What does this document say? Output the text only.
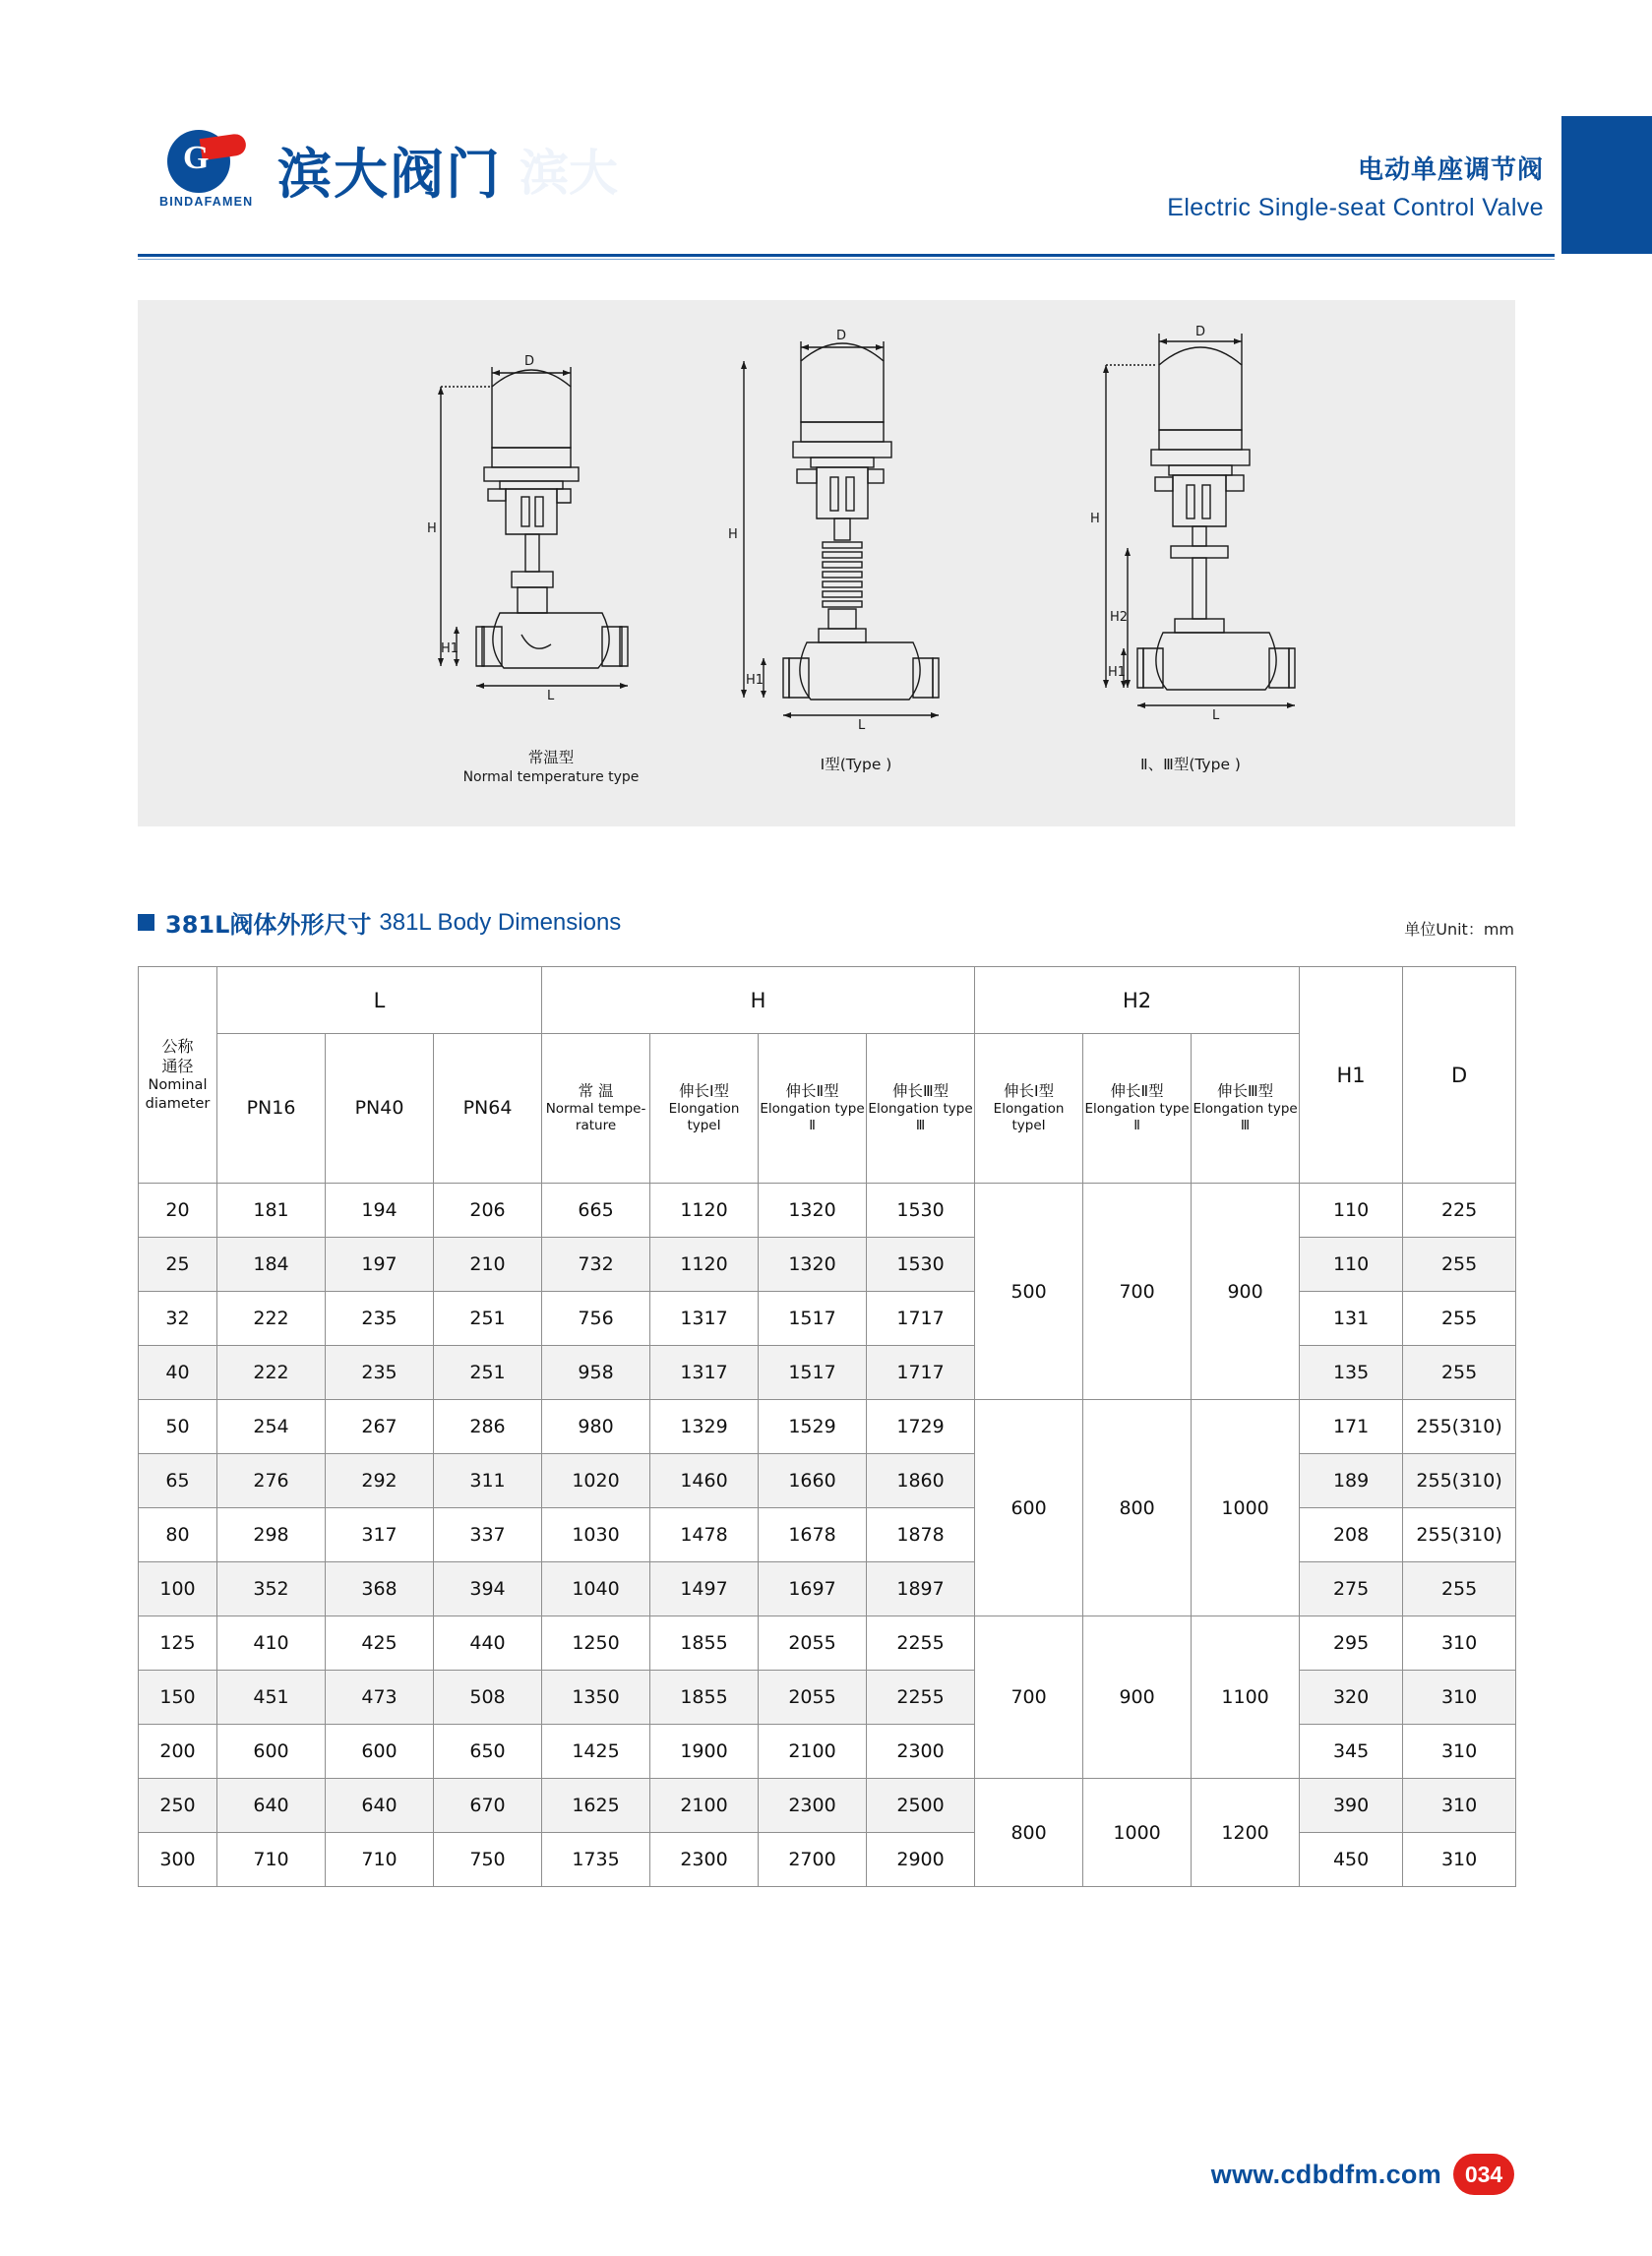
G
BINDAFAMEN 滨大阀门 滨大	电动单座调节阀
Electric Single-seat Control Valve
D
H
H1
L
D
H
H1
L
D
H
H2
H1
L
常温型
Normal temperature type
Ⅰ型(Type )	Ⅱ、Ⅲ型(Type )
381L阀体外形尺寸 381L Body Dimensions	单位Unit：mm
公称
通径
Nominal
diameter	L			H				H2			H1	D
	PN16	PN40	PN64	常 温
Normal tempe-rature	伸长Ⅰ型
Elongation typeⅠ	伸长Ⅱ型
Elongation type Ⅱ	伸长Ⅲ型
Elongation type Ⅲ	伸长Ⅰ型
Elongation typeⅠ	伸长Ⅱ型
Elongation type Ⅱ	伸长Ⅲ型
Elongation type Ⅲ		

20	181	194	206	665	1120	1320	1530	500	700	900	110	225
25	184	197	210	732	1120	1320	1530				110	255
32	222	235	251	756	1317	1517	1717				131	255
40	222	235	251	958	1317	1517	1717				135	255
50	254	267	286	980	1329	1529	1729	600	800	1000	171	255(310)
65	276	292	311	1020	1460	1660	1860				189	255(310)
80	298	317	337	1030	1478	1678	1878				208	255(310)
100	352	368	394	1040	1497	1697	1897				275	255
125	410	425	440	1250	1855	2055	2255	700	900	1100	295	310
150	451	473	508	1350	1855	2055	2255				320	310
200	600	600	650	1425	1900	2100	2300				345	310
250	640	640	670	1625	2100	2300	2500	800	1000	1200	390	310
300	710	710	750	1735	2300	2700	2900				450	310
www.cdbdfm.com	034
